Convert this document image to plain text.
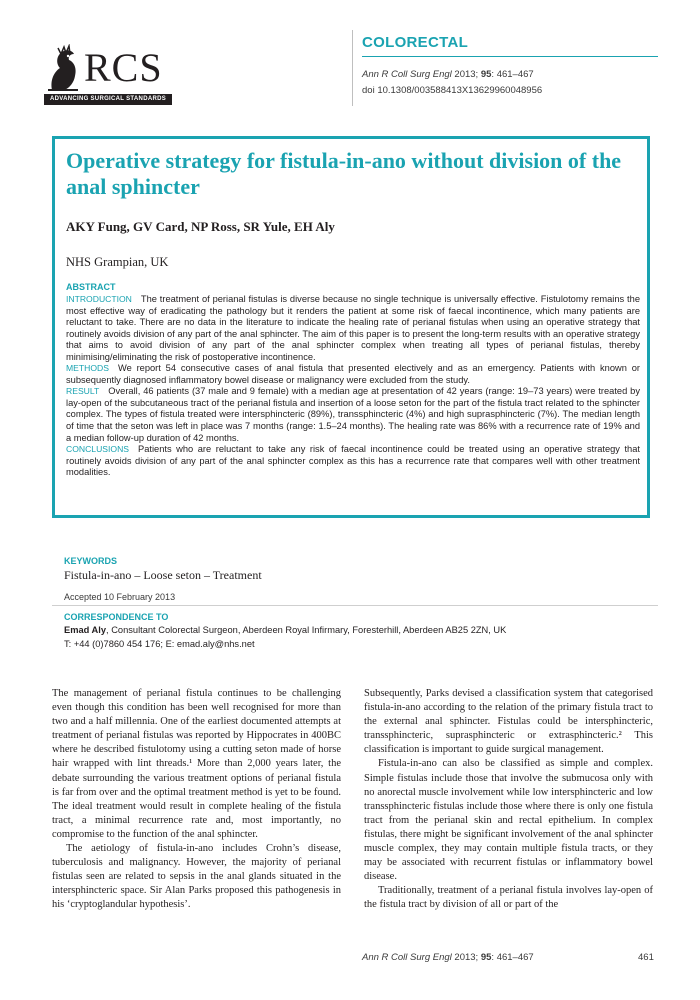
RCS
ADVANCING SURGICAL STANDARDS
COLORECTAL
Ann R Coll Surg Engl 2013; 95: 461–467
doi 10.1308/003588413X13629960048956
Operative strategy for fistula-in-ano without division of the anal sphincter
AKY Fung, GV Card, NP Ross, SR Yule, EH Aly
NHS Grampian, UK
ABSTRACT

INTRODUCTION The treatment of perianal fistulas is diverse because no single technique is universally effective. Fistulotomy remains the most effective way of eradicating the pathology but it renders the patient at some risk of faecal incontinence, which many patients are reluctant to take. There are no data in the literature to indicate the healing rate of perianal fistulas when using an operative strategy that routinely avoids division of any part of the anal sphincter. The aim of this paper is to present the long-term results with an operative strategy that aims to avoid division of any part of the anal sphincter complex when treating all types of perianal fistulas, thereby minimising/eliminating the risk of postoperative incontinence.

METHODS We report 54 consecutive cases of anal fistula that presented electively and as an emergency. Patients with known or subsequently diagnosed inflammatory bowel disease or malignancy were excluded from the study.

RESULT Overall, 46 patients (37 male and 9 female) with a median age at presentation of 42 years (range: 19–73 years) were treated by lay-open of the subcutaneous tract of the perianal fistula and insertion of a loose seton for the part of the fistula tract related to the sphincter complex. The types of fistula treated were intersphincteric (89%), transsphincteric (4%) and high suprasphincteric (7%). The median length of time that the seton was left in place was 7 months (range: 1.5–24 months). The healing rate was 86% with a recurrence rate of 19% and a median follow-up duration of 42 months.

CONCLUSIONS Patients who are reluctant to take any risk of faecal incontinence could be treated using an operative strategy that routinely avoids division of any part of the anal sphincter complex as this has a recurrence rate that compares well with other treatment modalities.

KEYWORDS
Fistula-in-ano – Loose seton – Treatment
Accepted 10 February 2013
CORRESPONDENCE TO
Emad Aly, Consultant Colorectal Surgeon, Aberdeen Royal Infirmary, Foresterhill, Aberdeen AB25 2ZN, UK
T: +44 (0)7860 454 176; E: emad.aly@nhs.net

The management of perianal fistula continues to be challenging even though this condition has been well recognised for more than two and a half millennia. One of the earliest documented attempts at treatment of perianal fistulas was reported by Hippocrates in 400BC where he described fistulotomy using a cutting seton made of horse hair wrapped with lint threads.¹ More than 2,000 years later, the debate surrounding the various treatment options of perianal fistula is far from over and the optimal treatment method is yet to be found. The ideal treatment would result in complete healing of the fistula tract, a minimal recurrence rate and, most importantly, no compromise to the function of the anal sphincter.

The aetiology of fistula-in-ano includes Crohn’s disease, tuberculosis and malignancy. However, the majority of perianal fistulas seen are related to sepsis in the anal glands situated in the intersphincteric space. Sir Alan Parks proposed this pathogenesis in his ‘cryptoglandular hypothesis’.

Subsequently, Parks devised a classification system that categorised fistula-in-ano according to the relation of the primary fistula tract to the external anal sphincter. Fistulas could be intersphincteric, transsphincteric, suprasphincteric or extrasphincteric.² This classification is important to guide surgical management.

Fistula-in-ano can also be classified as simple and complex. Simple fistulas include those that involve the submucosa only with no anorectal muscle involvement while low intersphincteric and low transsphincteric fistulas include those where there is only one fistula tract from the perianal skin and rectal epithelium. In complex fistulas, there might be significant involvement of the anal sphincter muscle complex, they may contain multiple fistula tracts, or they may be associated with recurrent fistulas or inflammatory bowel disease.

Traditionally, treatment of a perianal fistula involves lay-open of the fistula tract by division of all or part of the

Ann R Coll Surg Engl 2013; 95: 461–467	461
